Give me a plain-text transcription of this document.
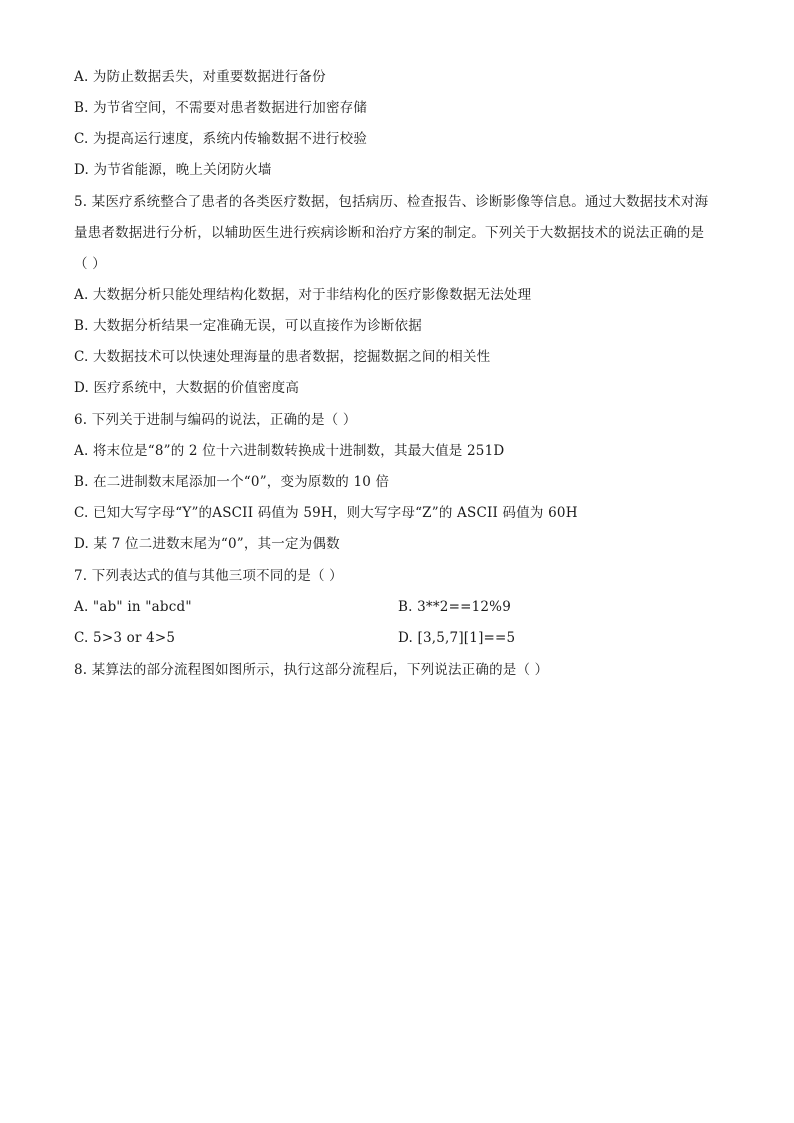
A. 为防止数据丢失，对重要数据进行备份
B. 为节省空间，不需要对患者数据进行加密存储
C. 为提高运行速度，系统内传输数据不进行校验
D. 为节省能源，晚上关闭防火墙
5. 某医疗系统整合了患者的各类医疗数据，包括病历、检查报告、诊断影像等信息。通过大数据技术对海
量患者数据进行分析，以辅助医生进行疾病诊断和治疗方案的制定。下列关于大数据技术的说法正确的是
（ ）
A. 大数据分析只能处理结构化数据，对于非结构化的医疗影像数据无法处理
B. 大数据分析结果一定准确无误，可以直接作为诊断依据
C. 大数据技术可以快速处理海量的患者数据，挖掘数据之间的相关性
D. 医疗系统中，大数据的价值密度高
6. 下列关于进制与编码的说法，正确的是（ ）
A. 将末位是“8”的 2 位十六进制数转换成十进制数，其最大值是 251D
B. 在二进制数末尾添加一个“0”，变为原数的 10 倍
C. 已知大写字母“Y”的ASCII 码值为 59H，则大写字母“Z”的 ASCII 码值为 60H
D. 某 7 位二进数末尾为“0”，其一定为偶数
7. 下列表达式的值与其他三项不同的是（ ）
A. "ab" in "abcd"	B. 3**2==12%9
C. 5>3 or 4>5	D. [3,5,7][1]==5
8. 某算法的部分流程图如图所示，执行这部分流程后，下列说法正确的是（ ）
